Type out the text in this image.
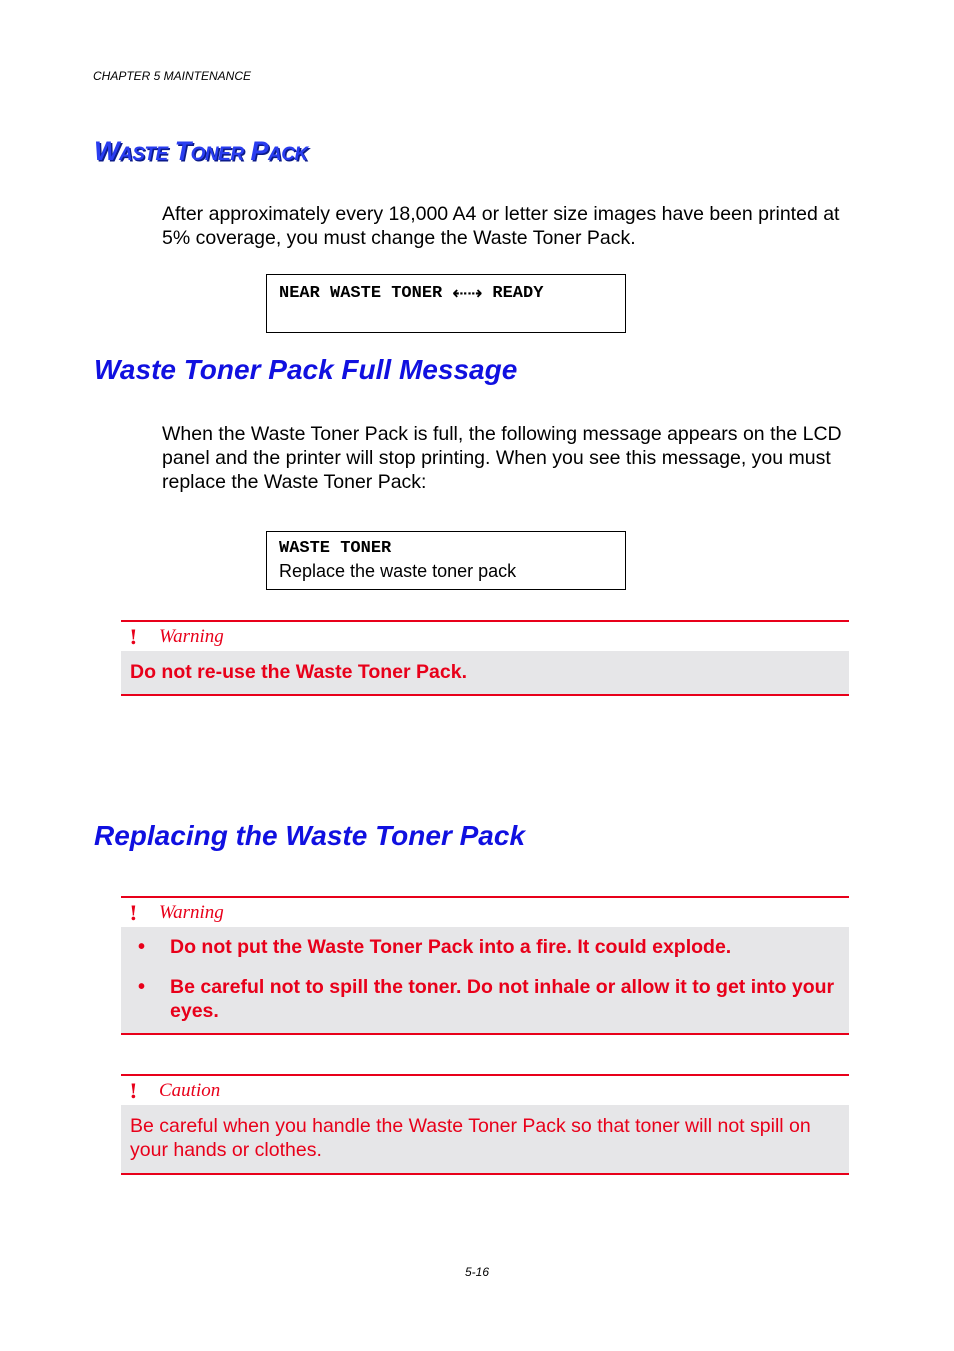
CHAPTER 5 MAINTENANCE
Waste Toner Pack
After approximately every 18,000 A4 or letter size images have been printed at 5% coverage, you must change the Waste Toner Pack.
NEAR WASTE TONER ⇠⇢ READY
Waste Toner Pack Full Message
When the Waste Toner Pack is full, the following message appears on the LCD panel and the printer will stop printing. When you see this message, you must replace the Waste Toner Pack:
WASTE TONER
Replace the waste toner pack
!	Warning
Do not re-use the Waste Toner Pack.
Replacing the Waste Toner Pack
!	Warning
•	Do not put the Waste Toner Pack into a fire. It could explode.
•	Be careful not to spill the toner. Do not inhale or allow it to get into your eyes.
!	Caution
Be careful when you handle the Waste Toner Pack so that toner will not spill on your hands or clothes.
5-16
